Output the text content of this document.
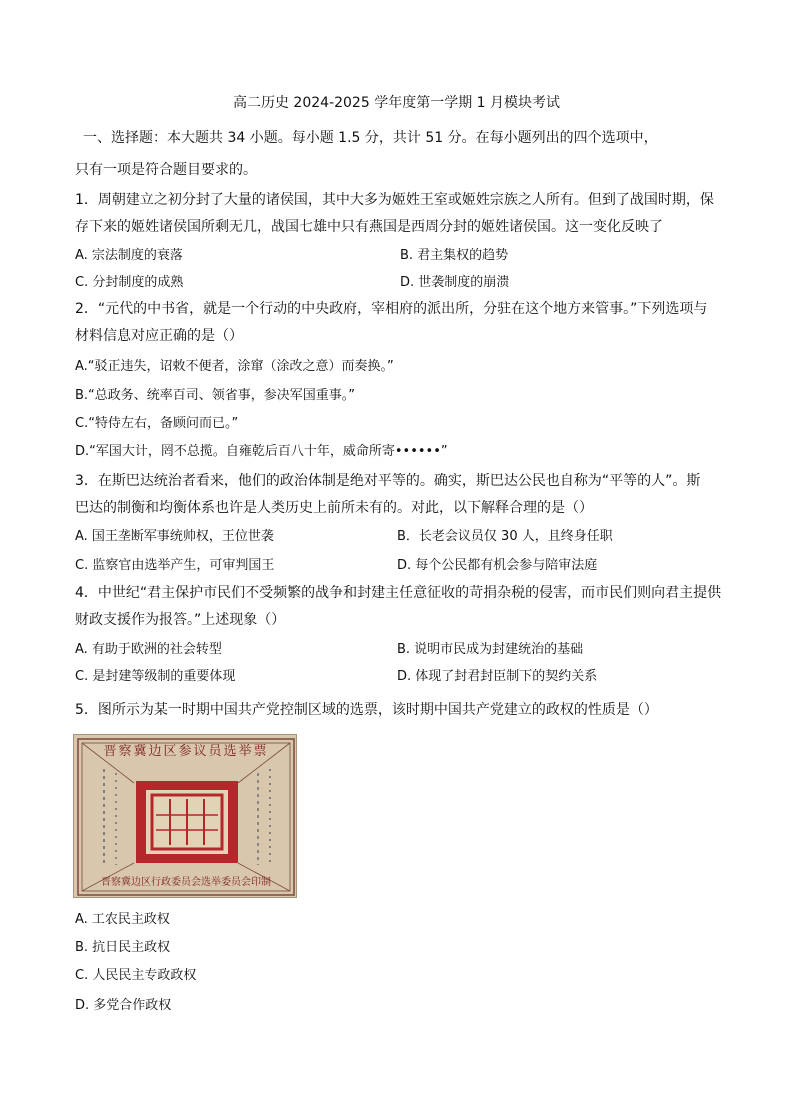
高二历史 2024-2025 学年度第一学期 1 月模块考试
一、选择题：本大题共 34 小题。每小题 1.5 分，共计 51 分。在每小题列出的四个选项中，
只有一项是符合题目要求的。
1．周朝建立之初分封了大量的诸侯国，其中大多为姬姓王室或姬姓宗族之人所有。但到了战国时期，保
存下来的姬姓诸侯国所剩无几，战国七雄中只有燕国是西周分封的姬姓诸侯国。这一变化反映了
A. 宗法制度的衰落	B. 君主集权的趋势
C. 分封制度的成熟	D. 世袭制度的崩溃
2．“元代的中书省，就是一个行动的中央政府，宰相府的派出所，分驻在这个地方来管事。”下列选项与
材料信息对应正确的是（）
A.“驳正违失，诏敕不便者，涂窜（涂改之意）而奏换。”
B.“总政务、统率百司、领省事，参决军国重事。”
C.“特侍左右，备顾问而已。”
D.“军国大计，罔不总揽。自雍乾后百八十年，威命所寄••••••”
3．在斯巴达统治者看来，他们的政治体制是绝对平等的。确实，斯巴达公民也自称为“平等的人”。斯
巴达的制衡和均衡体系也许是人类历史上前所未有的。对此，以下解释合理的是（）
A. 国王垄断军事统帅权，王位世袭	B．长老会议员仅 30 人，且终身任职
C. 监察官由选举产生，可审判国王	D. 每个公民都有机会参与陪审法庭
4．中世纪“君主保护市民们不受频繁的战争和封建主任意征收的苛捐杂税的侵害，而市民们则向君主提供
财政支援作为报答。”上述现象（）
A. 有助于欧洲的社会转型	B. 说明市民成为封建统治的基础
C. 是封建等级制的重要体现	D. 体现了封君封臣制下的契约关系
5．图所示为某一时期中国共产党控制区域的选票，该时期中国共产党建立的政权的性质是（）
晋察冀边区参议员选举票
晋察冀边区行政委员会选举委员会印制
A. 工农民主政权
B. 抗日民主政权
C. 人民民主专政政权
D. 多党合作政权
